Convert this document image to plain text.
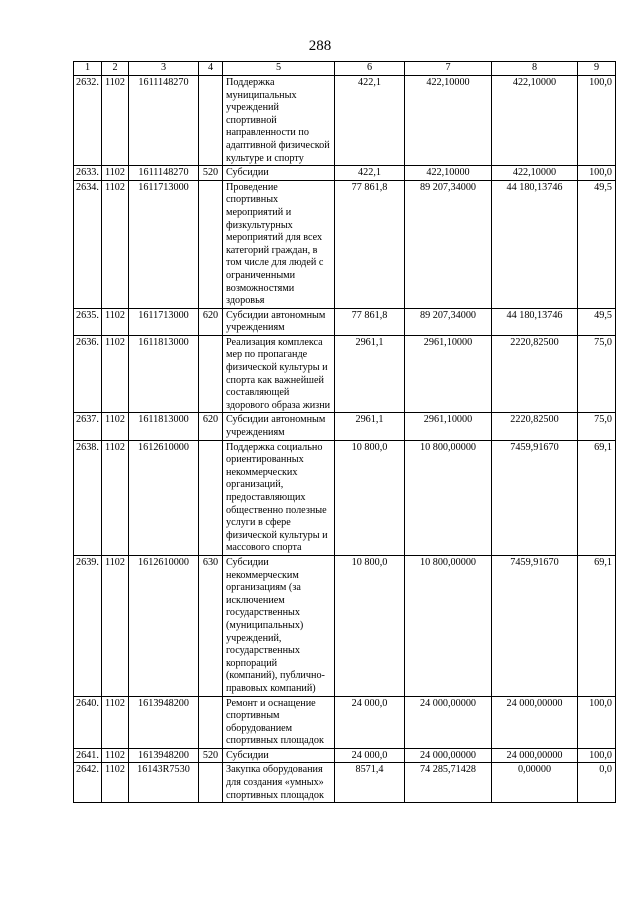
288
1	2	3	4	5	6	7	8	9
2632.	1102	1611148270		Поддержка муниципальных учреждений спортивной направленности по адаптивной физической культуре и спорту	422,1	422,10000	422,10000	100,0
2633.	1102	1611148270	520	Субсидии	422,1	422,10000	422,10000	100,0
2634.	1102	1611713000		Проведение спортивных мероприятий и физкультурных мероприятий для всех категорий граждан, в том числе для людей с ограниченными возможностями здоровья	77 861,8	89 207,34000	44 180,13746	49,5
2635.	1102	1611713000	620	Субсидии автономным учреждениям	77 861,8	89 207,34000	44 180,13746	49,5
2636.	1102	1611813000		Реализация комплекса мер по пропаганде физической культуры и спорта как важнейшей составляющей здорового образа жизни	2961,1	2961,10000	2220,82500	75,0
2637.	1102	1611813000	620	Субсидии автономным учреждениям	2961,1	2961,10000	2220,82500	75,0
2638.	1102	1612610000		Поддержка социально ориентированных некоммерческих организаций, предоставляющих общественно полезные услуги в сфере физической культуры и массового спорта	10 800,0	10 800,00000	7459,91670	69,1
2639.	1102	1612610000	630	Субсидии некоммерческим организациям (за исключением государственных (муниципальных) учреждений, государственных корпораций (компаний), публично-правовых компаний)	10 800,0	10 800,00000	7459,91670	69,1
2640.	1102	1613948200		Ремонт и оснащение спортивным оборудованием спортивных площадок	24 000,0	24 000,00000	24 000,00000	100,0
2641.	1102	1613948200	520	Субсидии	24 000,0	24 000,00000	24 000,00000	100,0
2642.	1102	16143R7530		Закупка оборудования для создания «умных» спортивных площадок	8571,4	74 285,71428	0,00000	0,0
